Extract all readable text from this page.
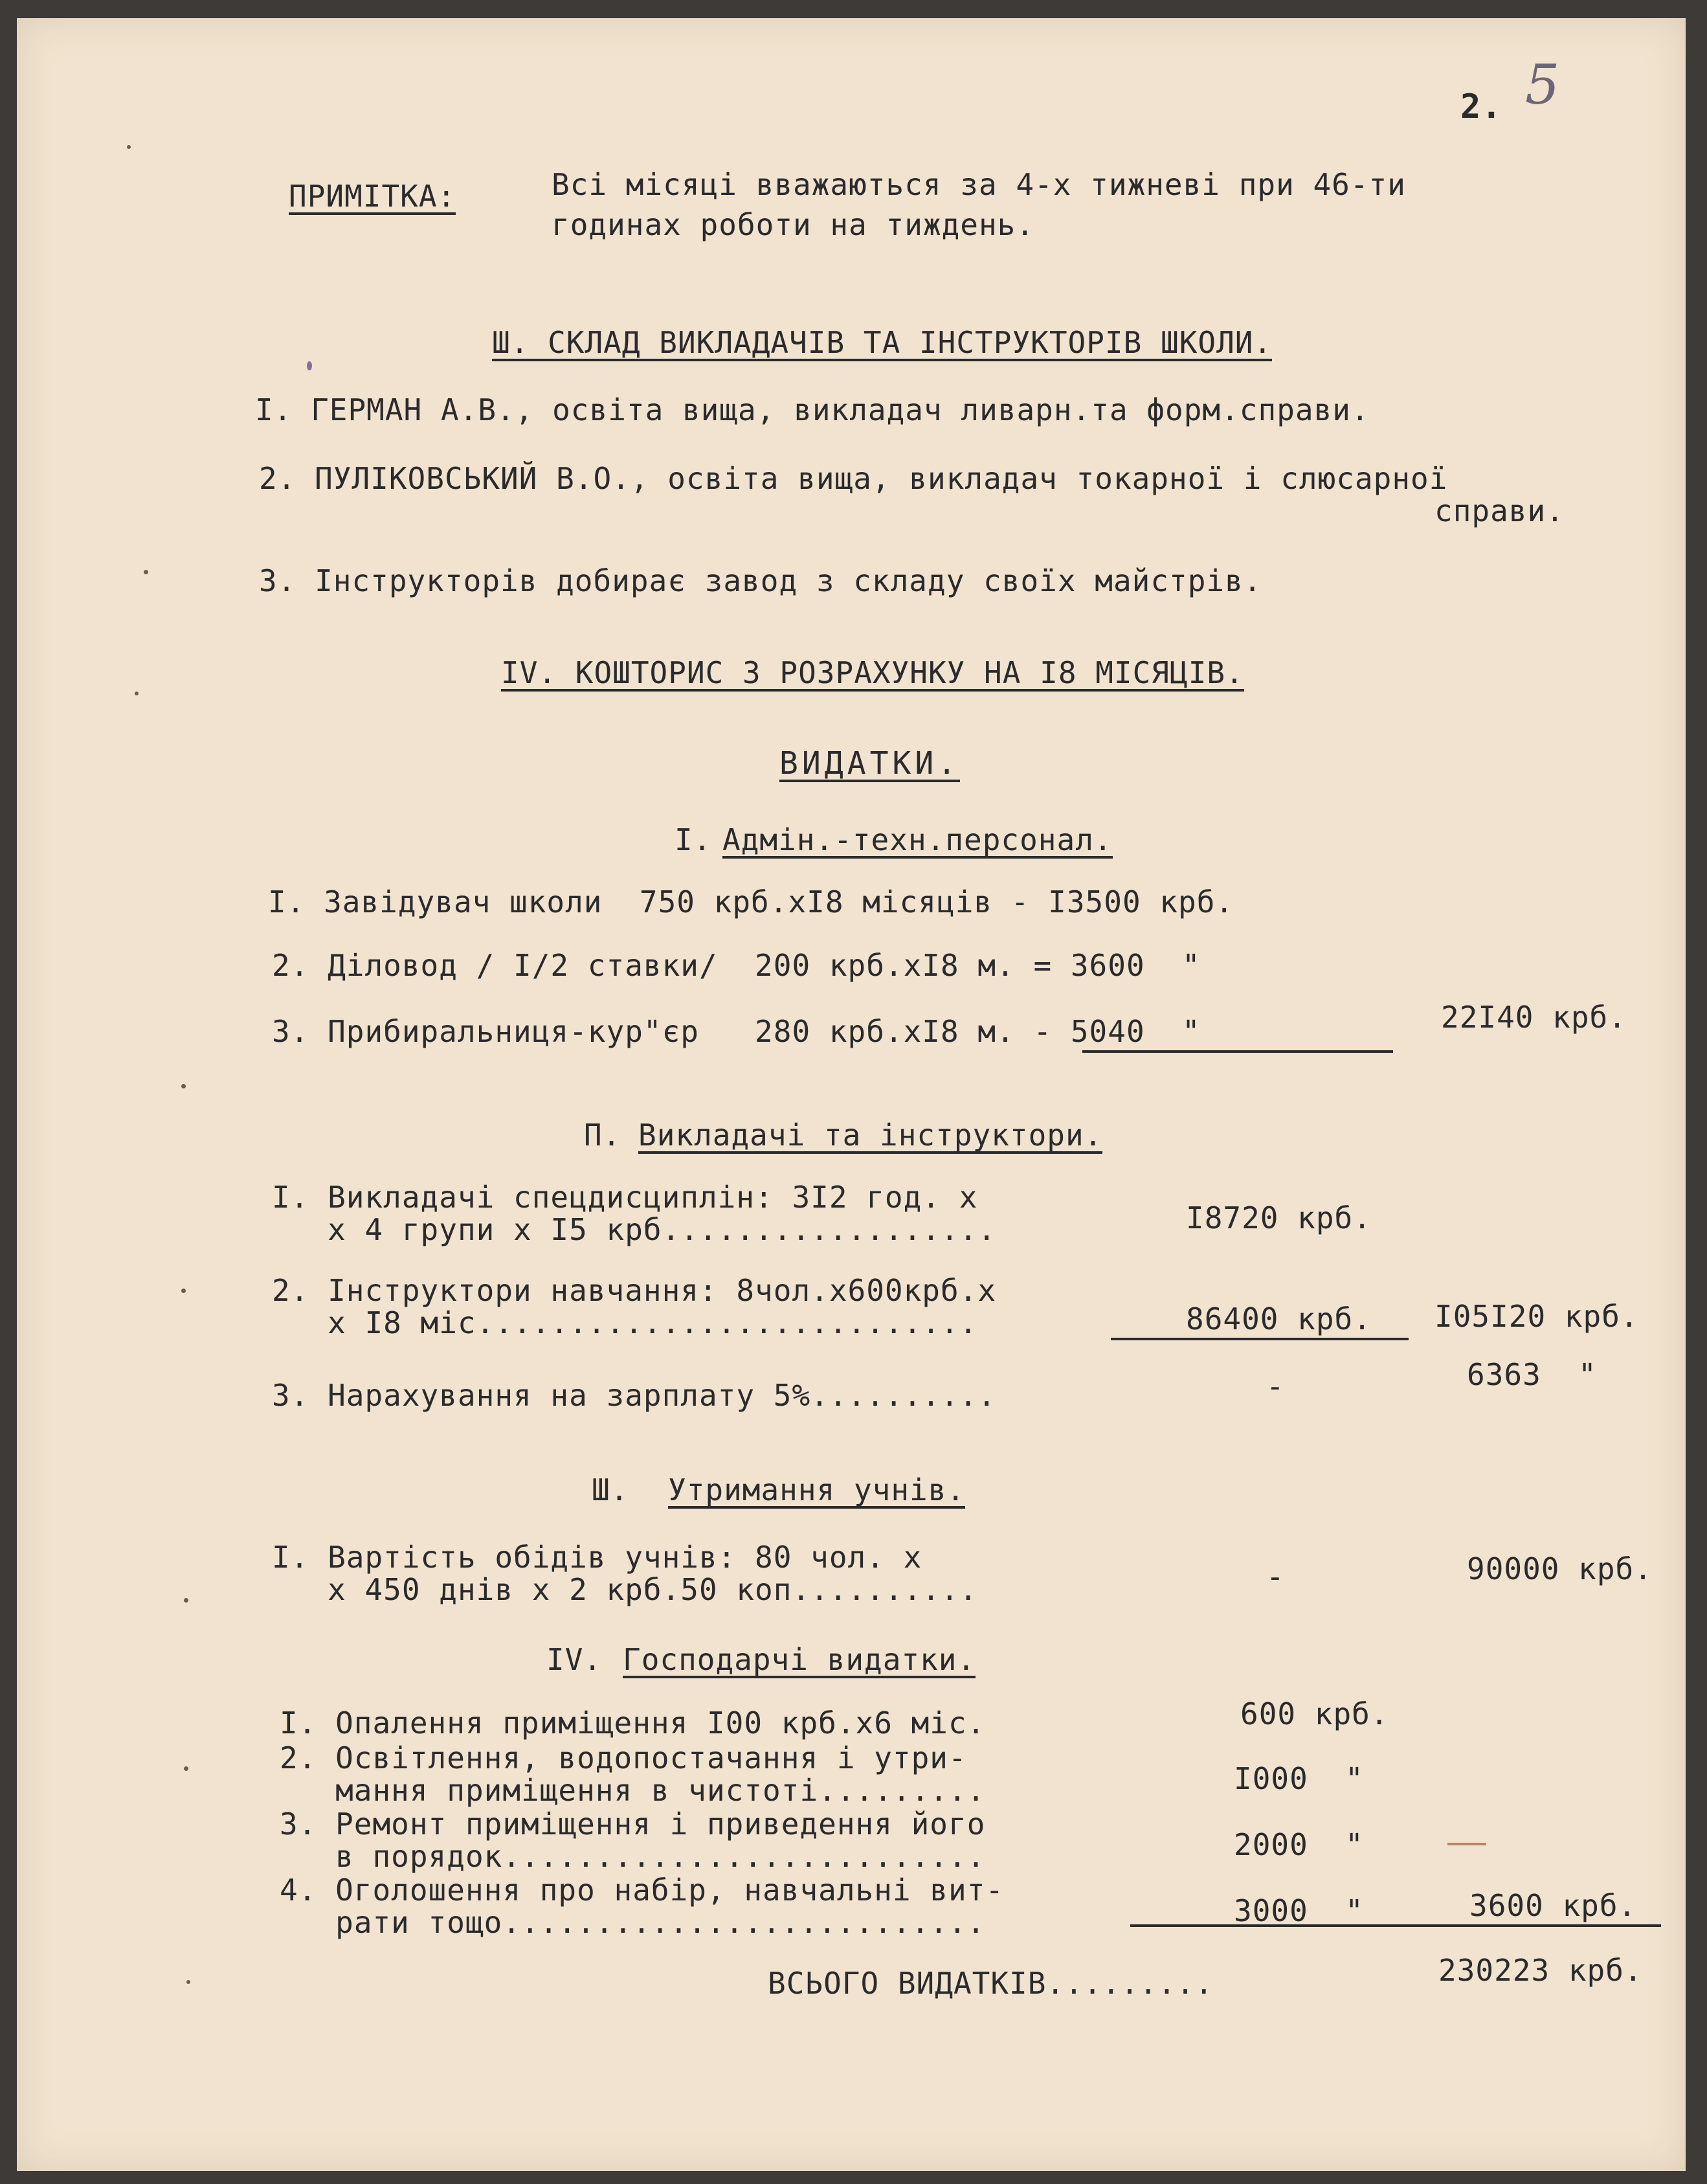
2. 5
ПРИМІТКА:	Всі місяці вважаються за 4-х тижневі при 46-ти
годинах роботи на тиждень.
Ш. СКЛАД ВИКЛАДАЧІВ ТА ІНСТРУКТОРІВ ШКОЛИ.
І. ГЕРМАН А.В., освіта вища, викладач ливарн.та форм.справи.
2. ПУЛІКОВСЬКИЙ В.О., освіта вища, викладач токарної і слюсарної
справи.
3. Інструкторів добирає завод з складу своїх майстрів.
IV. КОШТОРИС З РОЗРАХУНКУ НА І8 МІСЯЦІВ.
ВИДАТКИ.
І. Адмін.-техн.персонал.
І. Завідувач школи  750 крб.хІ8 місяців - І3500 крб.
2. Діловод / І/2 ставки/  200 крб.хІ8 м. = 3600  "
3. Прибиральниця-кур"єр   280 крб.хІ8 м. - 5040  "	22І40 крб.
П. Викладачі та інструктори.
І. Викладачі спецдисциплін: 3І2 год. х
х 4 групи х І5 крб..................	І8720 крб.
2. Інструктори навчання: 8чол.х600крб.х
х І8 міс...........................	86400 крб. І05І20 крб.
3. Нарахування на зарплату 5%..........	-	6363  "
Ш. Утримання учнів.
І. Вартість обідів учнів: 80 чол. х
х 450 днів х 2 крб.50 коп..........	-	90000 крб.
IV. Господарчі видатки.
І. Опалення приміщення І00 крб.х6 міс.	600 крб.
2. Освітлення, водопостачання і утри-
мання приміщення в чистоті.........	І000  "
3. Ремонт приміщення і приведення його
в порядок..........................	2000  "
4. Оголошення про набір, навчальні вит-
рати тощо..........................	3000  "	3600 крб.
ВСЬОГО ВИДАТКІВ.........	230223 крб.
